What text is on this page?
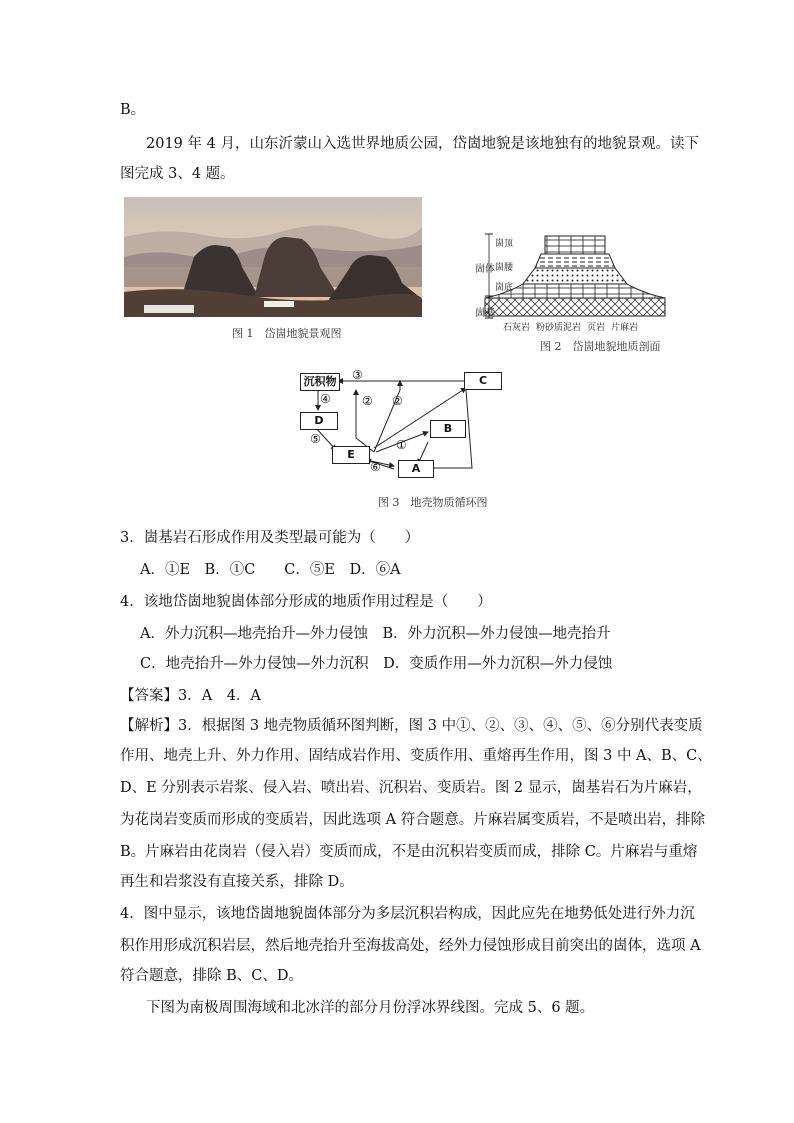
B。
2019 年 4 月，山东沂蒙山入选世界地质公园，岱崮地貌是该地独有的地貌景观。读下
图完成 3、4 题。
图 1　岱崮地貌景观图
崮顶
崮腰
崮底
崮体
崮基
石灰岩 粉砂质泥岩 页岩 片麻岩
图 2　岱崮地貌地质剖面
沉积物	C
D
B
E
A
③
④	② ②
⑤	①
⑥
图 3　地壳物质循环图
3．崮基岩石形成作用及类型最可能为（　　）
A．①E　B．①C　　C．⑤E　D．⑥A
4．该地岱崮地貌崮体部分形成的地质作用过程是（　　）
A．外力沉积—地壳抬升—外力侵蚀　B．外力沉积—外力侵蚀—地壳抬升
C．地壳抬升—外力侵蚀—外力沉积　D．变质作用—外力沉积—外力侵蚀
【答案】3．A　4．A
【解析】3．根据图 3 地壳物质循环图判断，图 3 中①、②、③、④、⑤、⑥分别代表变质
作用、地壳上升、外力作用、固结成岩作用、变质作用、重熔再生作用，图 3 中 A、B、C、
D、E 分别表示岩浆、侵入岩、喷出岩、沉积岩、变质岩。图 2 显示，崮基岩石为片麻岩，
为花岗岩变质而形成的变质岩，因此选项 A 符合题意。片麻岩属变质岩，不是喷出岩，排除
B。片麻岩由花岗岩（侵入岩）变质而成，不是由沉积岩变质而成，排除 C。片麻岩与重熔
再生和岩浆没有直接关系，排除 D。
4．图中显示，该地岱崮地貌崮体部分为多层沉积岩构成，因此应先在地势低处进行外力沉
积作用形成沉积岩层，然后地壳抬升至海拔高处，经外力侵蚀形成目前突出的崮体，选项 A
符合题意，排除 B、C、D。
下图为南极周围海域和北冰洋的部分月份浮冰界线图。完成 5、6 题。
